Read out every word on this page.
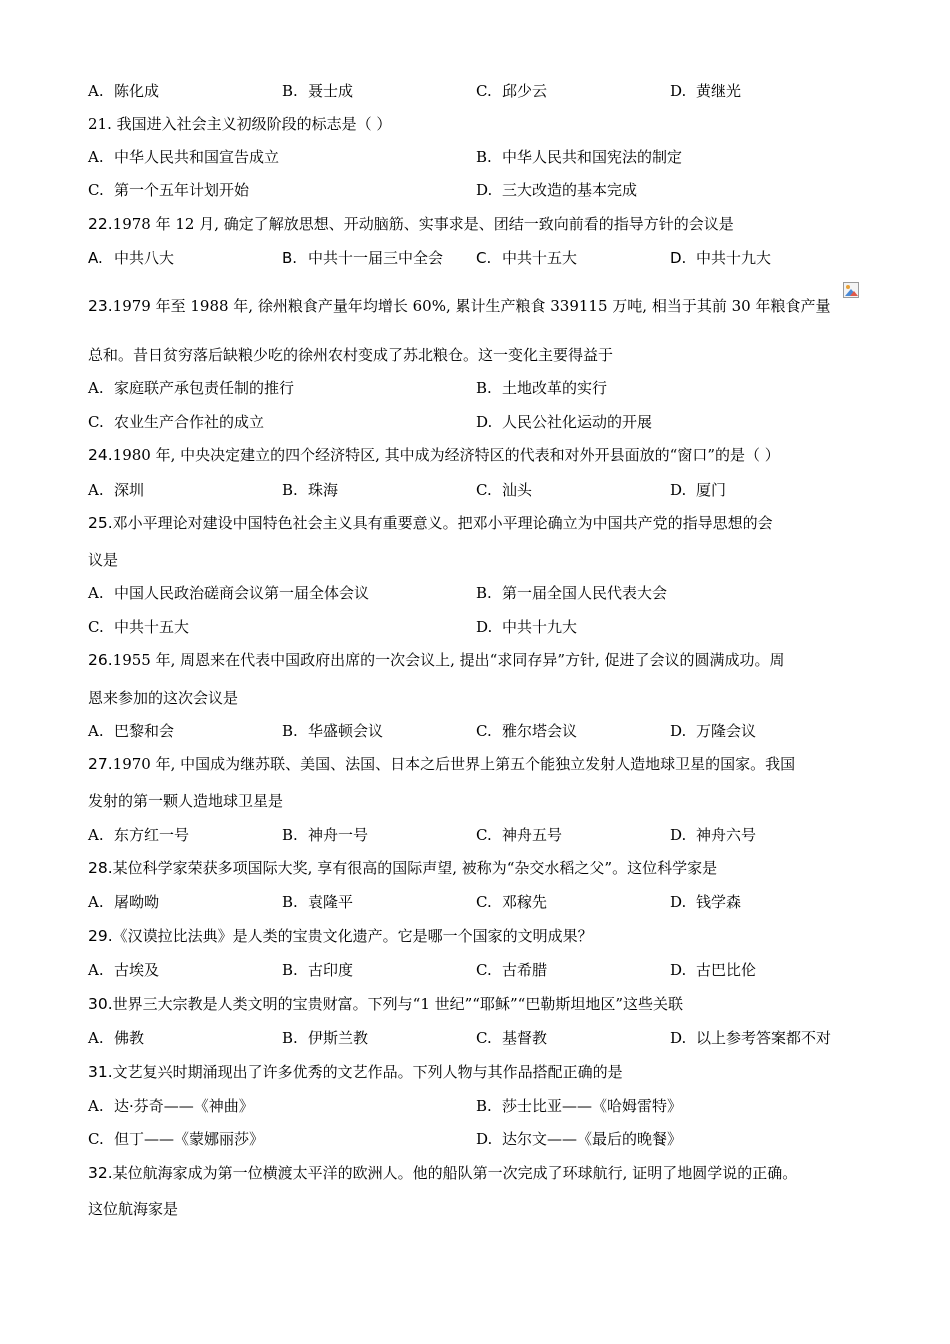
A. 陈化成	B. 聂士成	C. 邱少云	D. 黄继光
21. 我国进入社会主义初级阶段的标志是（ ）
A. 中华人民共和国宣告成立	B. 中华人民共和国宪法的制定
C. 第一个五年计划开始	D. 三大改造的基本完成
22.1978 年 12 月, 确定了解放思想、开动脑筋、实事求是、团结一致向前看的指导方针的会议是
A. 中共八大	B. 中共十一届三中全会 C. 中共十五大	D. 中共十九大
23.1979 年至 1988 年, 徐州粮食产量年均增长 60%, 累计生产粮食 339115 万吨, 相当于其前 30 年粮食产量
总和。昔日贫穷落后缺粮少吃的徐州农村变成了苏北粮仓。这一变化主要得益于
A. 家庭联产承包责任制的推行	B. 土地改革的实行
C. 农业生产合作社的成立	D. 人民公社化运动的开展
24.1980 年, 中央决定建立的四个经济特区, 其中成为经济特区的代表和对外开县面放的“窗口”的是（ ）
A. 深圳	B. 珠海	C. 汕头	D. 厦门
25.邓小平理论对建设中国特色社会主义具有重要意义。把邓小平理论确立为中国共产党的指导思想的会
议是
A. 中国人民政治磋商会议第一届全体会议	B. 第一届全国人民代表大会
C. 中共十五大	D. 中共十九大
26.1955 年, 周恩来在代表中国政府出席的一次会议上, 提出“求同存异”方针, 促进了会议的圆满成功。周
恩来参加的这次会议是
A. 巴黎和会	B. 华盛顿会议	C. 雅尔塔会议	D. 万隆会议
27.1970 年, 中国成为继苏联、美国、法国、日本之后世界上第五个能独立发射人造地球卫星的国家。我国
发射的第一颗人造地球卫星是
A. 东方红一号	B. 神舟一号	C. 神舟五号	D. 神舟六号
28.某位科学家荣获多项国际大奖, 享有很高的国际声望, 被称为“杂交水稻之父”。这位科学家是
A. 屠呦呦	B. 袁隆平	C. 邓稼先	D. 钱学森
29.《汉谟拉比法典》是人类的宝贵文化遗产。它是哪一个国家的文明成果？
A. 古埃及	B. 古印度	C. 古希腊	D. 古巴比伦
30.世界三大宗教是人类文明的宝贵财富。下列与“1 世纪”“耶稣”“巴勒斯坦地区”这些关联
A. 佛教	B. 伊斯兰教	C. 基督教	D. 以上参考答案都不对
31.文艺复兴时期涌现出了许多优秀的文艺作品。下列人物与其作品搭配正确的是
A. 达·芬奇——《神曲》	B. 莎士比亚——《哈姆雷特》
C. 但丁——《蒙娜丽莎》	D. 达尔文——《最后的晚餐》
32.某位航海家成为第一位横渡太平洋的欧洲人。他的船队第一次完成了环球航行, 证明了地圆学说的正确。
这位航海家是
